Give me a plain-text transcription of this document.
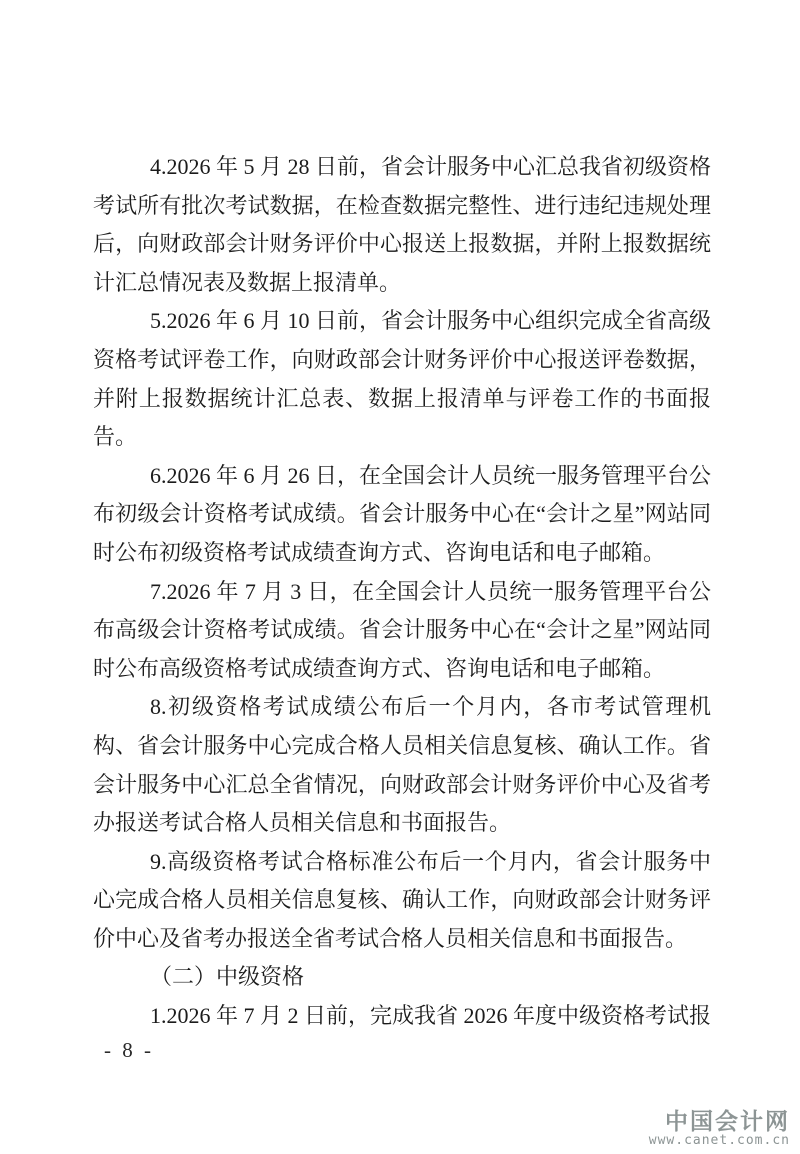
4.2026 年 5 月 28 日前，省会计服务中心汇总我省初级资格考试所有批次考试数据，在检查数据完整性、进行违纪违规处理后，向财政部会计财务评价中心报送上报数据，并附上报数据统计汇总情况表及数据上报清单。

5.2026 年 6 月 10 日前，省会计服务中心组织完成全省高级资格考试评卷工作，向财政部会计财务评价中心报送评卷数据，并附上报数据统计汇总表、数据上报清单与评卷工作的书面报告。

6.2026 年 6 月 26 日，在全国会计人员统一服务管理平台公布初级会计资格考试成绩。省会计服务中心在“会计之星”网站同时公布初级资格考试成绩查询方式、咨询电话和电子邮箱。

7.2026 年 7 月 3 日，在全国会计人员统一服务管理平台公布高级会计资格考试成绩。省会计服务中心在“会计之星”网站同时公布高级资格考试成绩查询方式、咨询电话和电子邮箱。

8.初级资格考试成绩公布后一个月内，各市考试管理机构、省会计服务中心完成合格人员相关信息复核、确认工作。省会计服务中心汇总全省情况，向财政部会计财务评价中心及省考办报送考试合格人员相关信息和书面报告。

9.高级资格考试合格标准公布后一个月内，省会计服务中心完成合格人员相关信息复核、确认工作，向财政部会计财务评价中心及省考办报送全省考试合格人员相关信息和书面报告。

（二）中级资格

1.2026 年 7 月 2 日前，完成我省 2026 年度中级资格考试报

- 8 -
中国会计网
www.canet.com.cn
